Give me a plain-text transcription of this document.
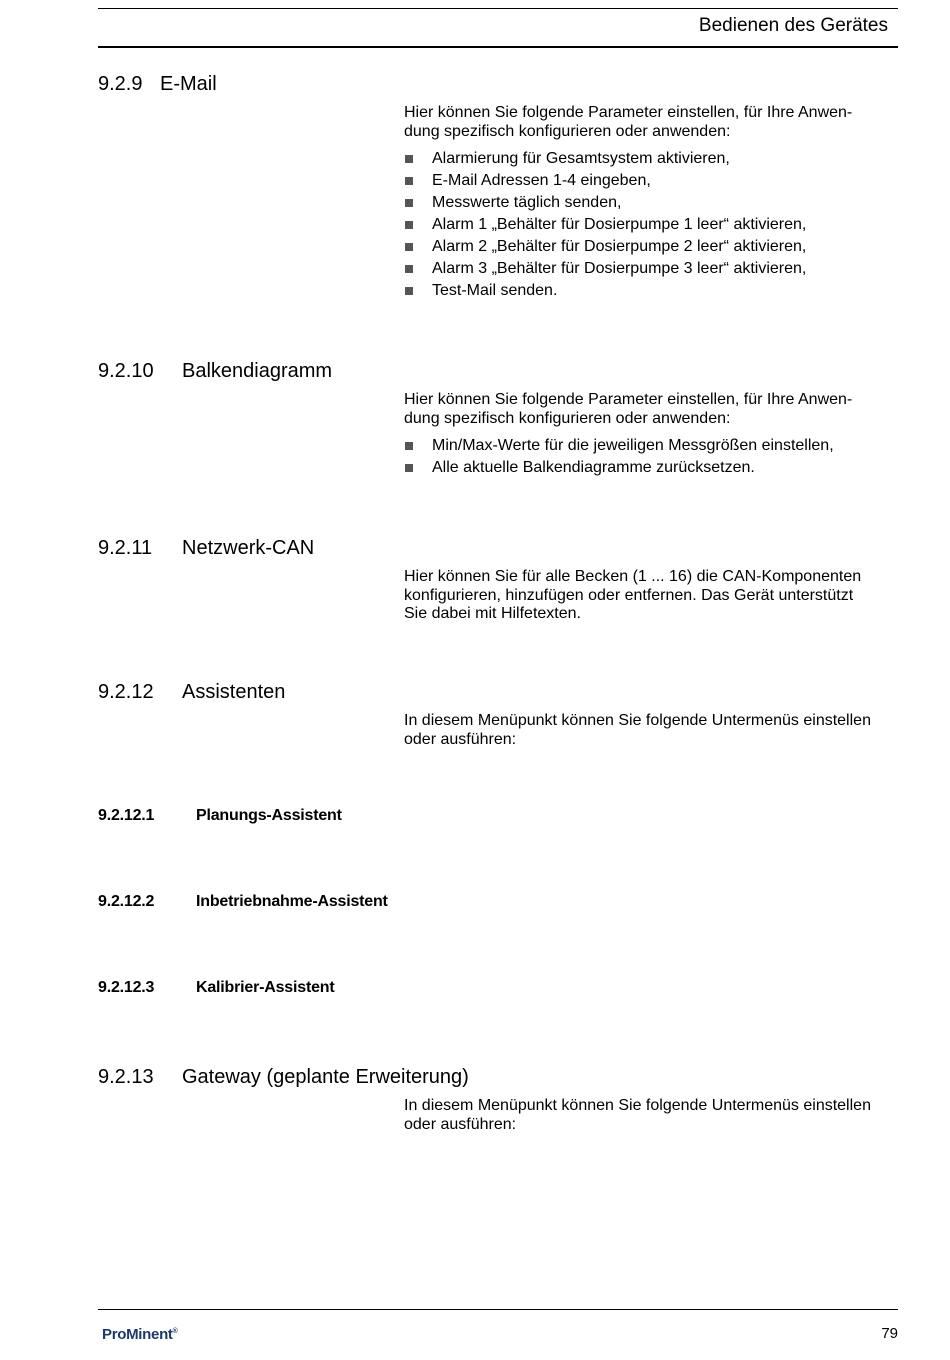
Bedienen des Gerätes
9.2.9 E-Mail
Hier können Sie folgende Parameter einstellen, für Ihre Anwen-
dung spezifisch konfigurieren oder anwenden:
Alarmierung für Gesamtsystem aktivieren,
E-Mail Adressen 1-4 eingeben,
Messwerte täglich senden,
Alarm 1 „Behälter für Dosierpumpe 1 leer“ aktivieren,
Alarm 2 „Behälter für Dosierpumpe 2 leer“ aktivieren,
Alarm 3 „Behälter für Dosierpumpe 3 leer“ aktivieren,
Test-Mail senden.
9.2.10 Balkendiagramm
Hier können Sie folgende Parameter einstellen, für Ihre Anwen-
dung spezifisch konfigurieren oder anwenden:
Min/Max-Werte für die jeweiligen Messgrößen einstellen,
Alle aktuelle Balkendiagramme zurücksetzen.
9.2.11 Netzwerk-CAN
Hier können Sie für alle Becken (1 ... 16) die CAN-Komponenten
konfigurieren, hinzufügen oder entfernen. Das Gerät unterstützt
Sie dabei mit Hilfetexten.
9.2.12 Assistenten
In diesem Menüpunkt können Sie folgende Untermenüs einstellen
oder ausführen:
9.2.12.1	Planungs-Assistent
9.2.12.2	Inbetriebnahme-Assistent
9.2.12.3	Kalibrier-Assistent
9.2.13 Gateway (geplante Erweiterung)
In diesem Menüpunkt können Sie folgende Untermenüs einstellen
oder ausführen:
ProMinent®	79
